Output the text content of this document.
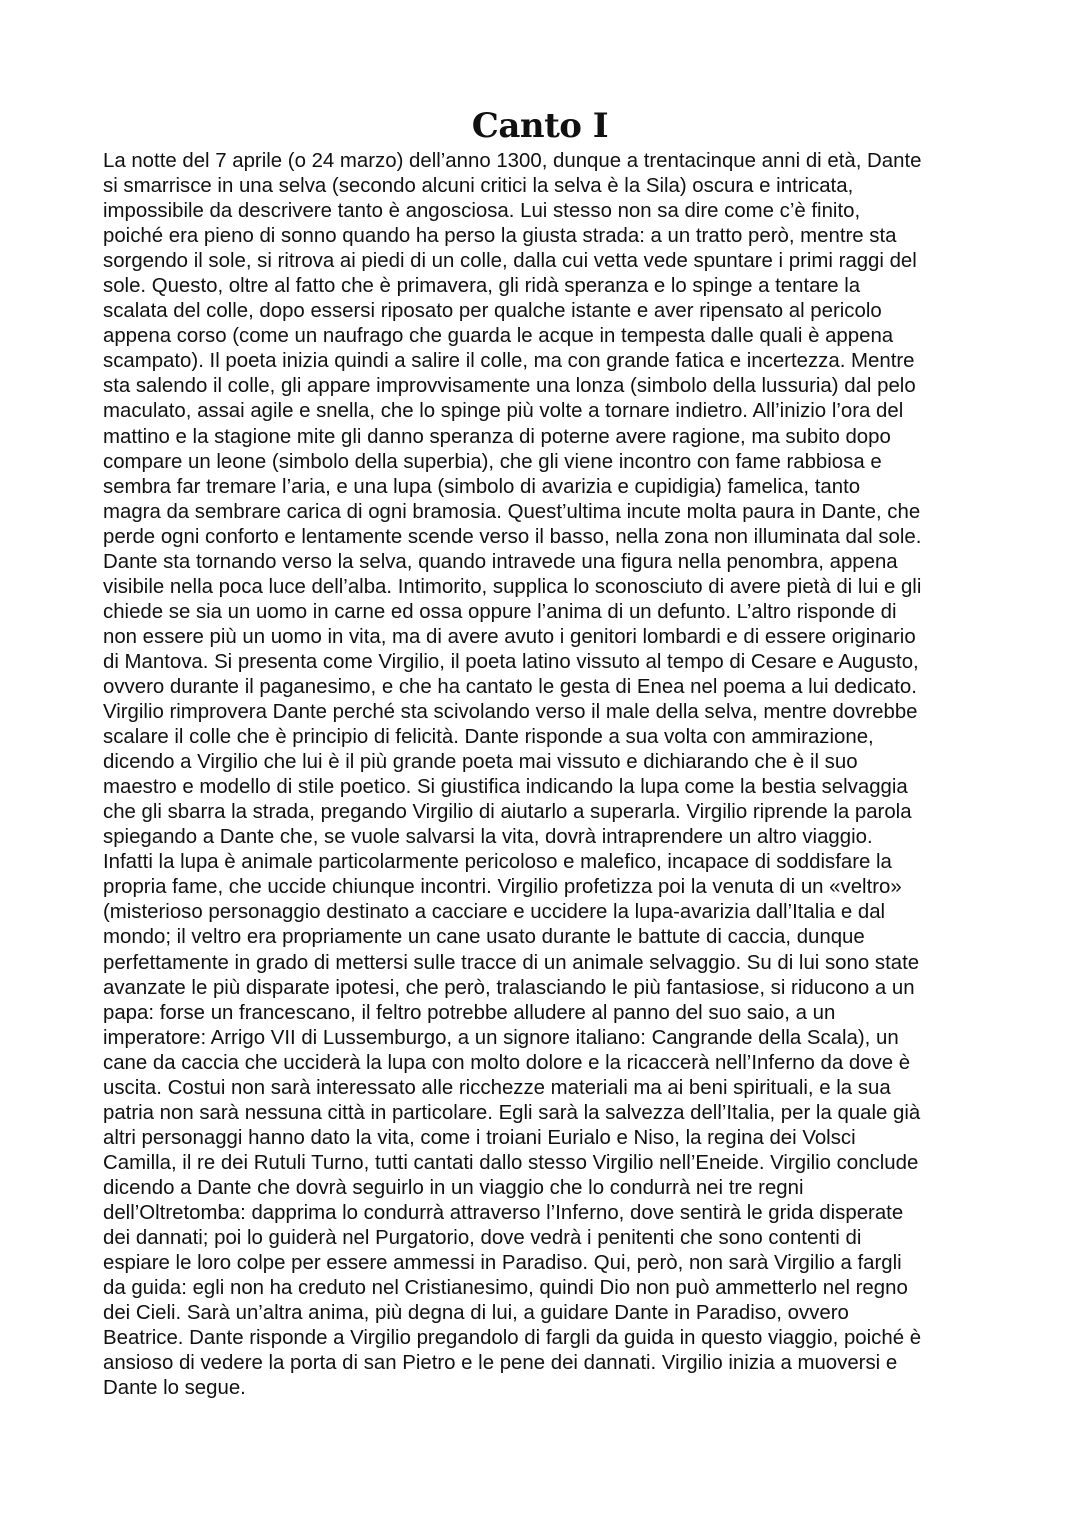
Canto I

La notte del 7 aprile (o 24 marzo) dell’anno 1300, dunque a trentacinque anni di età, Dante
si smarrisce in una selva (secondo alcuni critici la selva è la Sila) oscura e intricata,
impossibile da descrivere tanto è angosciosa. Lui stesso non sa dire come c’è finito,
poiché era pieno di sonno quando ha perso la giusta strada: a un tratto però, mentre sta
sorgendo il sole, si ritrova ai piedi di un colle, dalla cui vetta vede spuntare i primi raggi del
sole. Questo, oltre al fatto che è primavera, gli ridà speranza e lo spinge a tentare la
scalata del colle, dopo essersi riposato per qualche istante e aver ripensato al pericolo
appena corso (come un naufrago che guarda le acque in tempesta dalle quali è appena
scampato). Il poeta inizia quindi a salire il colle, ma con grande fatica e incertezza. Mentre
sta salendo il colle, gli appare improvvisamente una lonza (simbolo della lussuria) dal pelo
maculato, assai agile e snella, che lo spinge più volte a tornare indietro. All’inizio l’ora del
mattino e la stagione mite gli danno speranza di poterne avere ragione, ma subito dopo
compare un leone (simbolo della superbia), che gli viene incontro con fame rabbiosa e
sembra far tremare l’aria, e una lupa (simbolo di avarizia e cupidigia) famelica, tanto
magra da sembrare carica di ogni bramosia. Quest’ultima incute molta paura in Dante, che
perde ogni conforto e lentamente scende verso il basso, nella zona non illuminata dal sole.
Dante sta tornando verso la selva, quando intravede una figura nella penombra, appena
visibile nella poca luce dell’alba. Intimorito, supplica lo sconosciuto di avere pietà di lui e gli
chiede se sia un uomo in carne ed ossa oppure l’anima di un defunto. L’altro risponde di
non essere più un uomo in vita, ma di avere avuto i genitori lombardi e di essere originario
di Mantova. Si presenta come Virgilio, il poeta latino vissuto al tempo di Cesare e Augusto,
ovvero durante il paganesimo, e che ha cantato le gesta di Enea nel poema a lui dedicato.
Virgilio rimprovera Dante perché sta scivolando verso il male della selva, mentre dovrebbe
scalare il colle che è principio di felicità. Dante risponde a sua volta con ammirazione,
dicendo a Virgilio che lui è il più grande poeta mai vissuto e dichiarando che è il suo
maestro e modello di stile poetico. Si giustifica indicando la lupa come la bestia selvaggia
che gli sbarra la strada, pregando Virgilio di aiutarlo a superarla. Virgilio riprende la parola
spiegando a Dante che, se vuole salvarsi la vita, dovrà intraprendere un altro viaggio.
Infatti la lupa è animale particolarmente pericoloso e malefico, incapace di soddisfare la
propria fame, che uccide chiunque incontri. Virgilio profetizza poi la venuta di un «veltro»
(misterioso personaggio destinato a cacciare e uccidere la lupa-avarizia dall’Italia e dal
mondo; il veltro era propriamente un cane usato durante le battute di caccia, dunque
perfettamente in grado di mettersi sulle tracce di un animale selvaggio. Su di lui sono state
avanzate le più disparate ipotesi, che però, tralasciando le più fantasiose, si riducono a un
papa: forse un francescano, il feltro potrebbe alludere al panno del suo saio, a un
imperatore: Arrigo VII di Lussemburgo, a un signore italiano: Cangrande della Scala), un
cane da caccia che ucciderà la lupa con molto dolore e la ricaccerà nell’Inferno da dove è
uscita. Costui non sarà interessato alle ricchezze materiali ma ai beni spirituali, e la sua
patria non sarà nessuna città in particolare. Egli sarà la salvezza dell’Italia, per la quale già
altri personaggi hanno dato la vita, come i troiani Eurialo e Niso, la regina dei Volsci
Camilla, il re dei Rutuli Turno, tutti cantati dallo stesso Virgilio nell’Eneide. Virgilio conclude
dicendo a Dante che dovrà seguirlo in un viaggio che lo condurrà nei tre regni
dell’Oltretomba: dapprima lo condurrà attraverso l’Inferno, dove sentirà le grida disperate
dei dannati; poi lo guiderà nel Purgatorio, dove vedrà i penitenti che sono contenti di
espiare le loro colpe per essere ammessi in Paradiso. Qui, però, non sarà Virgilio a fargli
da guida: egli non ha creduto nel Cristianesimo, quindi Dio non può ammetterlo nel regno
dei Cieli. Sarà un’altra anima, più degna di lui, a guidare Dante in Paradiso, ovvero
Beatrice. Dante risponde a Virgilio pregandolo di fargli da guida in questo viaggio, poiché è
ansioso di vedere la porta di san Pietro e le pene dei dannati. Virgilio inizia a muoversi e
Dante lo segue.
